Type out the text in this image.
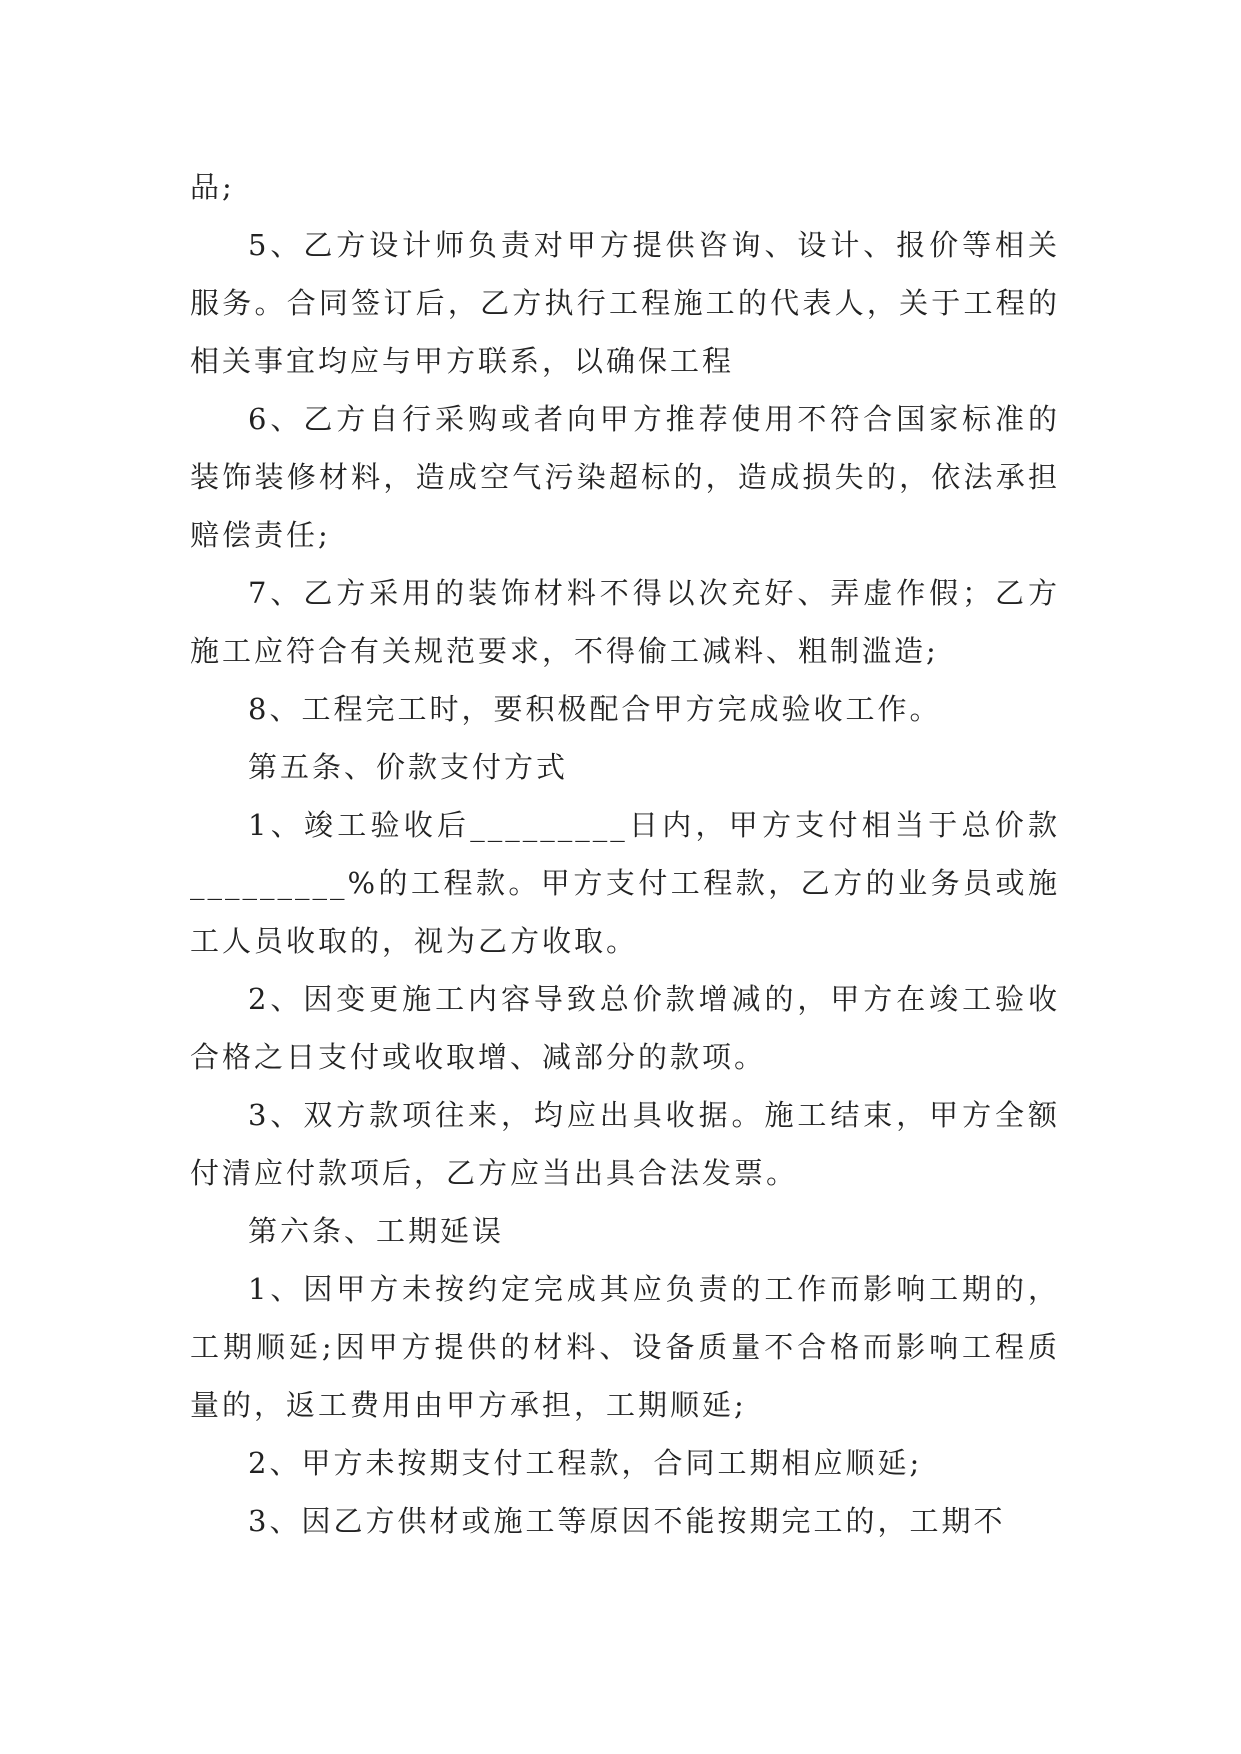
品;

5、乙方设计师负责对甲方提供咨询、设计、报价等相关服务。合同签订后，乙方执行工程施工的代表人，关于工程的相关事宜均应与甲方联系，以确保工程

6、乙方自行采购或者向甲方推荐使用不符合国家标准的装饰装修材料，造成空气污染超标的，造成损失的，依法承担赔偿责任;

7、乙方采用的装饰材料不得以次充好、弄虚作假；乙方施工应符合有关规范要求，不得偷工减料、粗制滥造;

8、工程完工时，要积极配合甲方完成验收工作。

第五条、价款支付方式

1、竣工验收后_________日内，甲方支付相当于总价款_________%的工程款。甲方支付工程款，乙方的业务员或施工人员收取的，视为乙方收取。

2、因变更施工内容导致总价款增减的，甲方在竣工验收合格之日支付或收取增、减部分的款项。

3、双方款项往来，均应出具收据。施工结束，甲方全额付清应付款项后，乙方应当出具合法发票。

第六条、工期延误

1、因甲方未按约定完成其应负责的工作而影响工期的，工期顺延;因甲方提供的材料、设备质量不合格而影响工程质量的，返工费用由甲方承担，工期顺延;

2、甲方未按期支付工程款，合同工期相应顺延;

3、因乙方供材或施工等原因不能按期完工的，工期不
